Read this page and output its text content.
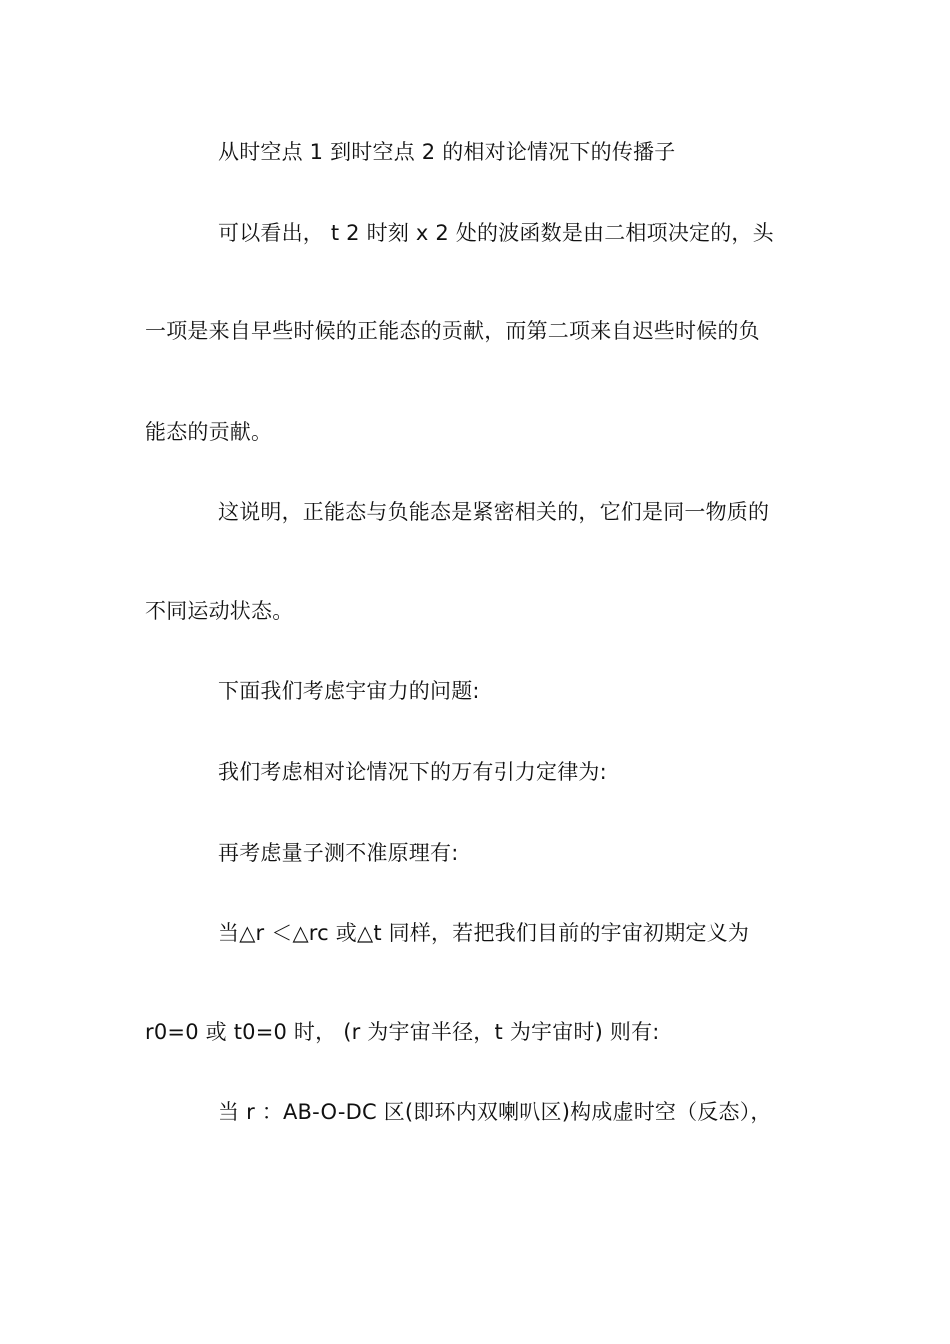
从时空点 1 到时空点 2 的相对论情况下的传播子
可以看出， t 2 时刻 x 2 处的波函数是由二相项决定的，头
一项是来自早些时候的正能态的贡献，而第二项来自迟些时候的负
能态的贡献。
这说明，正能态与负能态是紧密相关的，它们是同一物质的
不同运动状态。
下面我们考虑宇宙力的问题:
我们考虑相对论情况下的万有引力定律为:
再考虑量子测不准原理有:
当△r ＜△rc 或△t 同样，若把我们目前的宇宙初期定义为
r0=0 或 t0=0 时， (r 为宇宙半径，t 为宇宙时) 则有:
当 r ：AB-O-DC 区(即环内双喇叭区)构成虚时空（反态），
